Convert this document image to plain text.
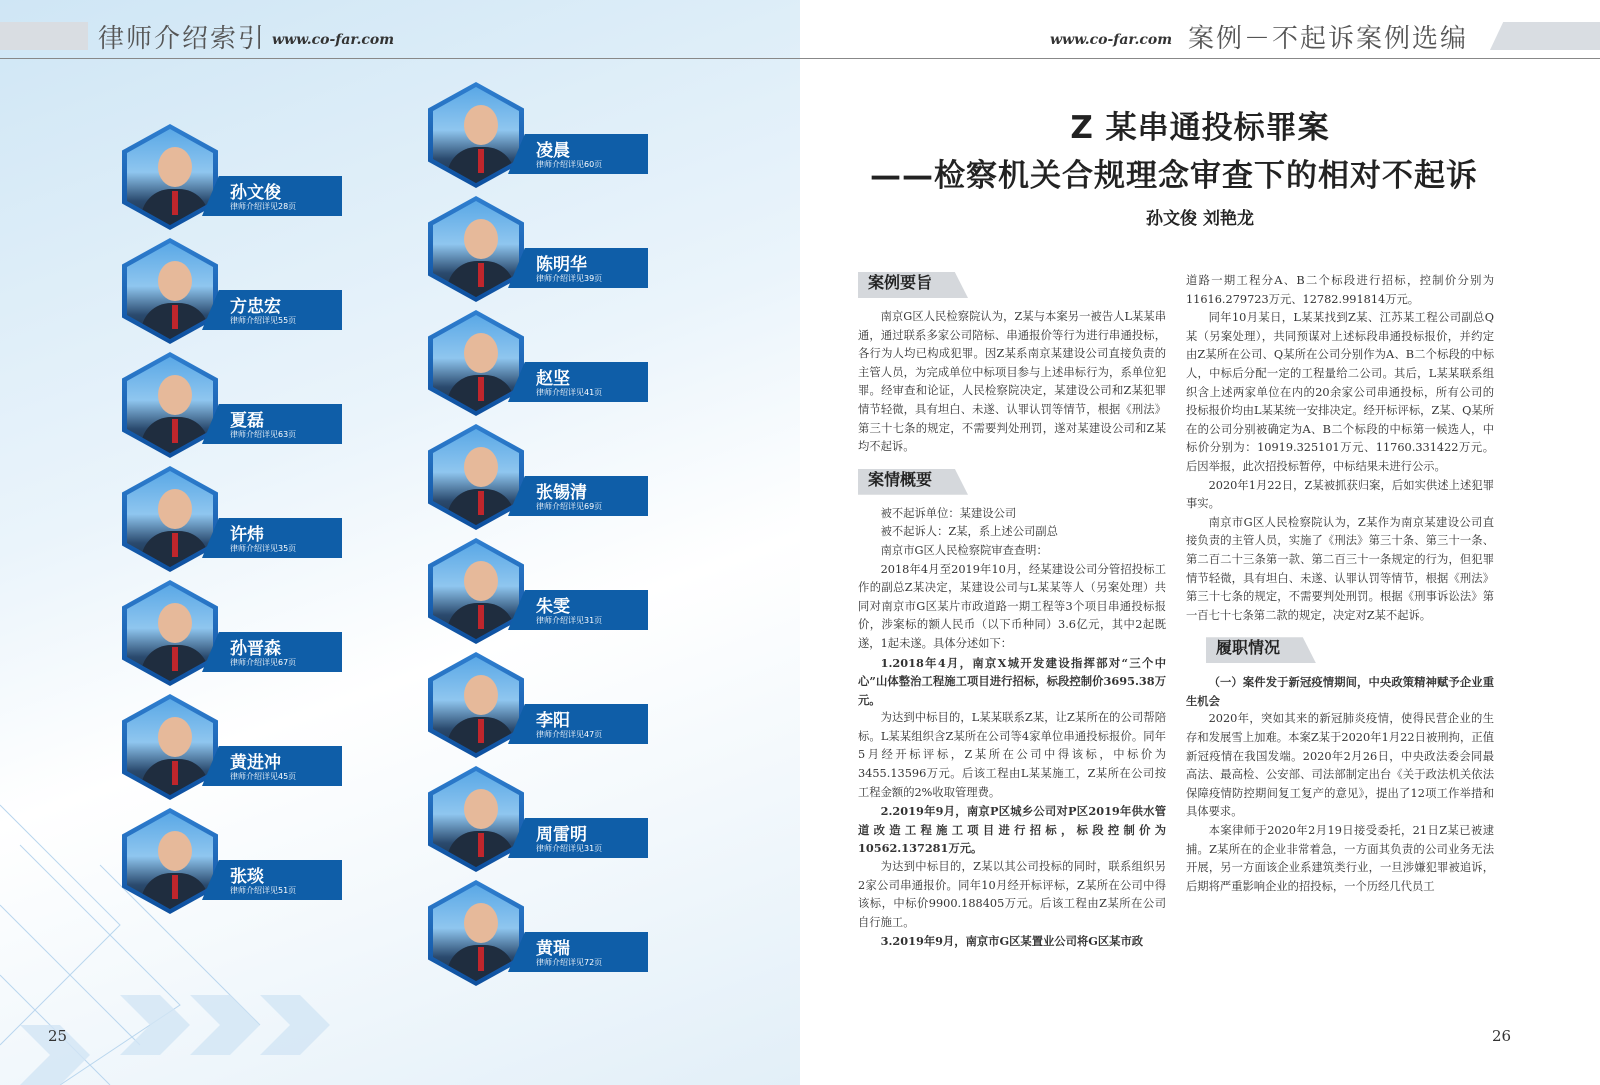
律师介绍索引 www.co-far.com
孙文俊
律师介绍详见28页
方忠宏
律师介绍详见55页
夏磊
律师介绍详见63页
许炜
律师介绍详见35页
孙晋森
律师介绍详见67页
黄进冲
律师介绍详见45页
张琰
律师介绍详见51页
凌晨
律师介绍详见60页
陈明华
律师介绍详见39页
赵坚
律师介绍详见41页
张锡清
律师介绍详见69页
朱雯
律师介绍详见31页
李阳
律师介绍详见47页
周雷明
律师介绍详见31页
黄瑞
律师介绍详见72页
25
www.co-far.com 案例－不起诉案例选编
Z 某串通投标罪案
——检察机关合规理念审查下的相对不起诉
孙文俊 刘艳龙
案例要旨

南京G区人民检察院认为，Z某与本案另一被告人L某某串通，通过联系多家公司陪标、串通报价等行为进行串通投标，各行为人均已构成犯罪。因Z某系南京某建设公司直接负责的主管人员，为完成单位中标项目参与上述串标行为，系单位犯罪。经审查和论证，人民检察院决定，某建设公司和Z某犯罪情节轻微，具有坦白、未遂、认罪认罚等情节，根据《刑法》第三十七条的规定，不需要判处刑罚，遂对某建设公司和Z某均不起诉。

案情概要

被不起诉单位：某建设公司

被不起诉人：Z某，系上述公司副总

南京市G区人民检察院审查查明：

2018年4月至2019年10月，经某建设公司分管招投标工作的副总Z某决定，某建设公司与L某某等人（另案处理）共同对南京市G区某片市政道路一期工程等3个项目串通投标报价，涉案标的额人民币（以下币种同）3.6亿元，其中2起既遂，1起未遂。具体分述如下：

1.2018年4月，南京X城开发建设指挥部对“三个中心”山体整治工程施工项目进行招标，标段控制价3695.38万元。

为达到中标目的，L某某联系Z某，让Z某所在的公司帮陪标。L某某组织含Z某所在公司等4家单位串通投标报价。同年5月经开标评标，Z某所在公司中得该标，中标价为3455.13596万元。后该工程由L某某施工，Z某所在公司按工程金额的2%收取管理费。

2.2019年9月，南京P区城乡公司对P区2019年供水管道改造工程施工项目进行招标，标段控制价为10562.137281万元。

为达到中标目的，Z某以其公司投标的同时，联系组织另2家公司串通报价。同年10月经开标评标，Z某所在公司中得该标，中标价9900.188405万元。后该工程由Z某所在公司自行施工。

3.2019年9月，南京市G区某置业公司将G区某市政

道路一期工程分A、B二个标段进行招标，控制价分别为11616.279723万元、12782.991814万元。

同年10月某日，L某某找到Z某、江苏某工程公司副总Q某（另案处理），共同预谋对上述标段串通投标报价，并约定由Z某所在公司、Q某所在公司分别作为A、B二个标段的中标人，中标后分配一定的工程量给二公司。其后，L某某联系组织含上述两家单位在内的20余家公司串通投标，所有公司的投标报价均由L某某统一安排决定。经开标评标，Z某、Q某所在的公司分别被确定为A、B二个标段的中标第一候选人，中标价分别为：10919.325101万元、11760.331422万元。后因举报，此次招投标暂停，中标结果未进行公示。

2020年1月22日，Z某被抓获归案，后如实供述上述犯罪事实。

南京市G区人民检察院认为，Z某作为南京某建设公司直接负责的主管人员，实施了《刑法》第三十条、第三十一条、第二百二十三条第一款、第二百三十一条规定的行为，但犯罪情节轻微，具有坦白、未遂、认罪认罚等情节，根据《刑法》第三十七条的规定，不需要判处刑罚。根据《刑事诉讼法》第一百七十七条第二款的规定，决定对Z某不起诉。

履职情况

（一）案件发于新冠疫情期间，中央政策精神赋予企业重生机会

2020年，突如其来的新冠肺炎疫情，使得民营企业的生存和发展雪上加难。本案Z某于2020年1月22日被刑拘，正值新冠疫情在我国发端。2020年2月26日，中央政法委会同最高法、最高检、公安部、司法部制定出台《关于政法机关依法保障疫情防控期间复工复产的意见》，提出了12项工作举措和具体要求。

本案律师于2020年2月19日接受委托，21日Z某已被逮捕。Z某所在的企业非常着急，一方面其负责的公司业务无法开展，另一方面该企业系建筑类行业，一旦涉嫌犯罪被追诉，后期将严重影响企业的招投标，一个历经几代员工

26
